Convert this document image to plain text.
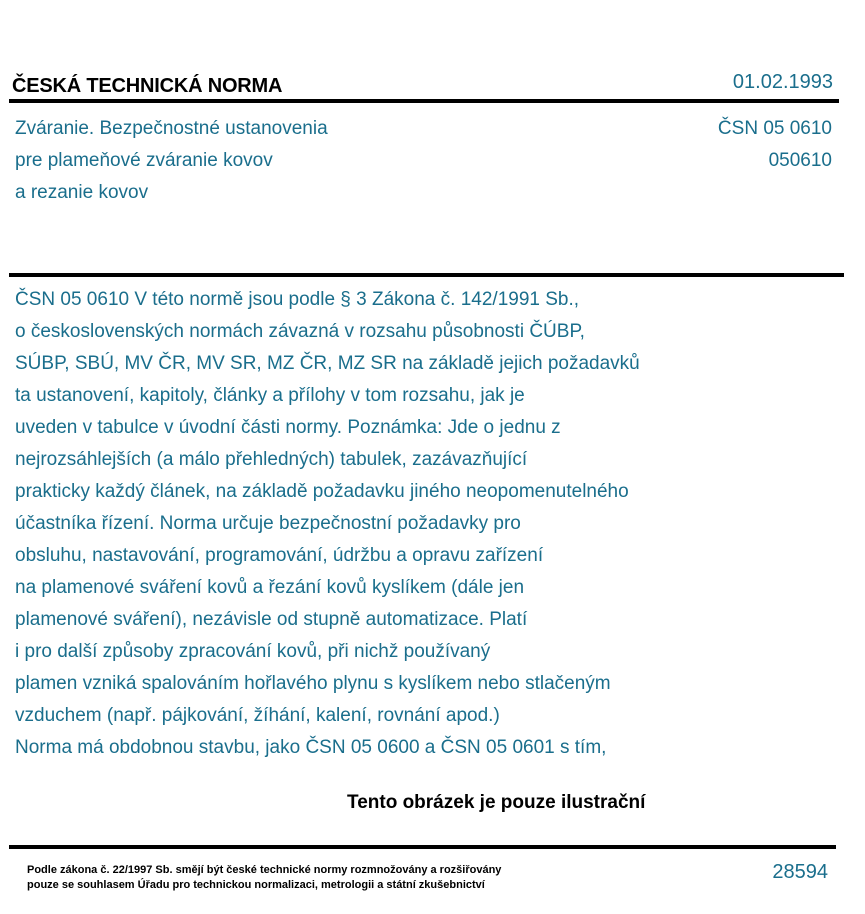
ČESKÁ TECHNICKÁ NORMA	01.02.1993
Zváranie. Bezpečnostné ustanovenia
pre plameňové zváranie kovov
a rezanie kovov
ČSN 05 0610
050610
ČSN 05 0610 V této normě jsou podle § 3 Zákona č. 142/1991 Sb.,
o československých normách závazná v rozsahu působnosti ČÚBP,
SÚBP, SBÚ, MV ČR, MV SR, MZ ČR, MZ SR na základě jejich požadavků
ta ustanovení, kapitoly, články a přílohy v tom rozsahu, jak je
uveden v tabulce v úvodní části normy. Poznámka: Jde o jednu z
nejrozsáhlejších (a málo přehledných) tabulek, zazávazňující
prakticky každý článek, na základě požadavku jiného neopomenutelného
účastníka řízení. Norma určuje bezpečnostní požadavky pro
obsluhu, nastavování, programování, údržbu a opravu zařízení
na plamenové sváření kovů a řezání kovů kyslíkem (dále jen
plamenové sváření), nezávisle od stupně automatizace. Platí
i pro další způsoby zpracování kovů, při nichž používaný
plamen vzniká spalováním hořlavého plynu s kyslíkem nebo stlačeným
vzduchem (např. pájkování, žíhání, kalení, rovnání apod.)
Norma má obdobnou stavbu, jako ČSN 05 0600 a ČSN 05 0601 s tím,
Tento obrázek je pouze ilustrační
Podle zákona č. 22/1997 Sb. smějí být české technické normy rozmnožovány a rozšiřovány
pouze se souhlasem Úřadu pro technickou normalizaci, metrologii a státní zkušebnictví
28594
